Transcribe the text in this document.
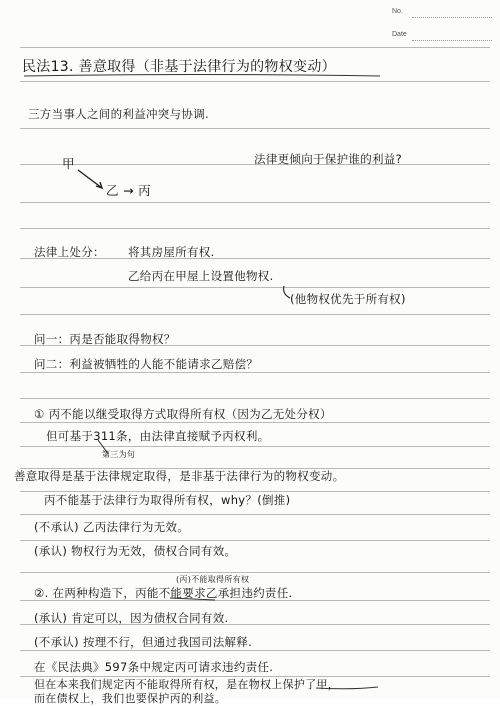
No.
Date
民法13. 善意取得（非基于法律行为的物权变动）
三方当事人之间的利益冲突与协调.
甲
乙 → 丙
法律更倾向于保护谁的利益?
法律上处分： 将其房屋所有权.
乙给丙在甲屋上设置他物权.
(他物权优先于所有权)
问一：丙是否能取得物权？
问二：利益被牺牲的人能不能请求乙赔偿？
① 丙不能以继受取得方式取得所有权（因为乙无处分权）
但可基于311条，由法律直接赋予丙权利。
第三为句
善意取得是基于法律规定取得，是非基于法律行为的物权变动。
丙不能基于法律行为取得所有权，why？(倒推)
(不承认) 乙丙法律行为无效。
(承认) 物权行为无效，债权合同有效。
(丙)不能取得所有权
②. 在两种构造下，丙能不能要求乙承担违约责任.
(承认) 肯定可以，因为债权合同有效.
(不承认) 按理不行，但通过我国司法解释.
在《民法典》597条中规定丙可请求违约责任.
但在本来我们规定丙不能取得所有权，是在物权上保护了甲，
而在债权上，我们也要保护丙的利益。
